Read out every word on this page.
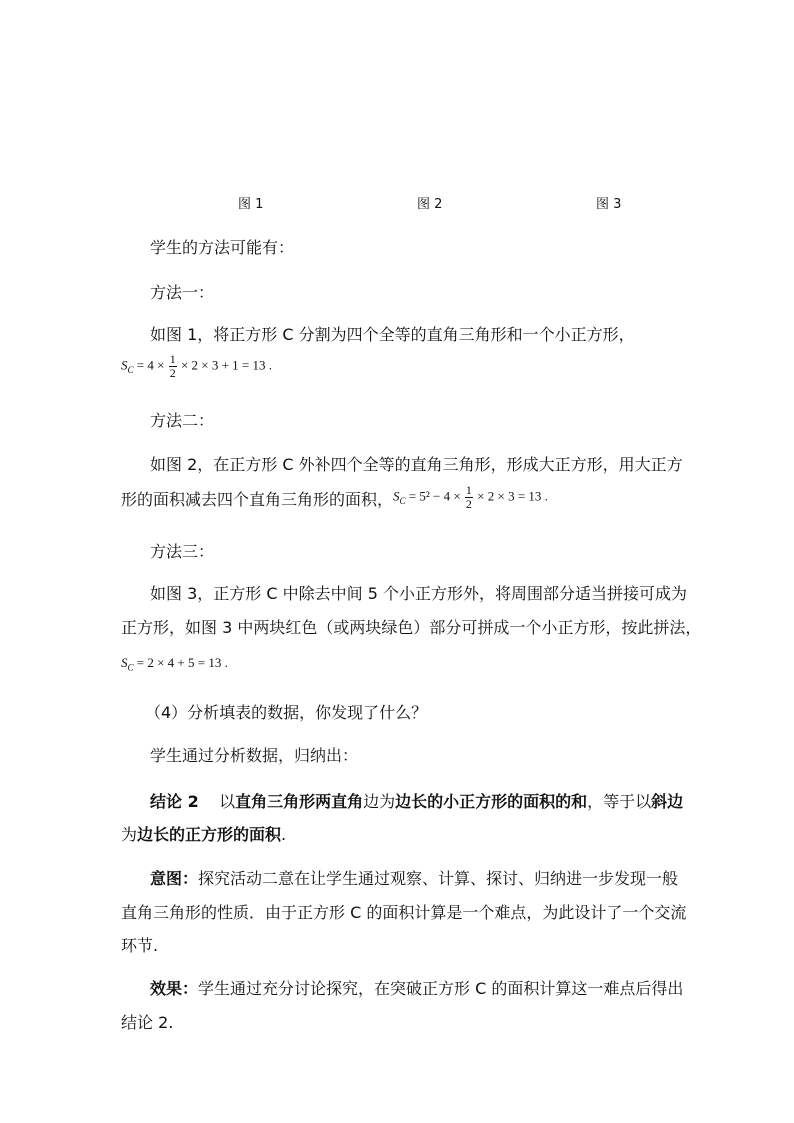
图 1	图 2	图 3
学生的方法可能有：
方法一：
如图 1，将正方形 C 分割为四个全等的直角三角形和一个小正方形，
$S_C = 4 \times \frac{1}{2} \times 2 \times 3 + 1 = 13$ .
方法二：
如图 2，在正方形 C 外补四个全等的直角三角形，形成大正方形，用大正方
形的面积减去四个直角三角形的面积， $S_C = 5^2 - 4 \times \frac{1}{2} \times 2 \times 3 = 13$ .
方法三：
如图 3，正方形 C 中除去中间 5 个小正方形外，将周围部分适当拼接可成为
正方形，如图 3 中两块红色（或两块绿色）部分可拼成一个小正方形，按此拼法，
$S_C = 2 \times 4 + 5 = 13$ .
（4）分析填表的数据，你发现了什么？
学生通过分析数据，归纳出：
结论 2 以直角三角形两直角边为边长的小正方形的面积的和，等于以斜边
为边长的正方形的面积.
意图：探究活动二意在让学生通过观察、计算、探讨、归纳进一步发现一般
直角三角形的性质．由于正方形 C 的面积计算是一个难点，为此设计了一个交流
环节.
效果：学生通过充分讨论探究，在突破正方形 C 的面积计算这一难点后得出
结论 2.
